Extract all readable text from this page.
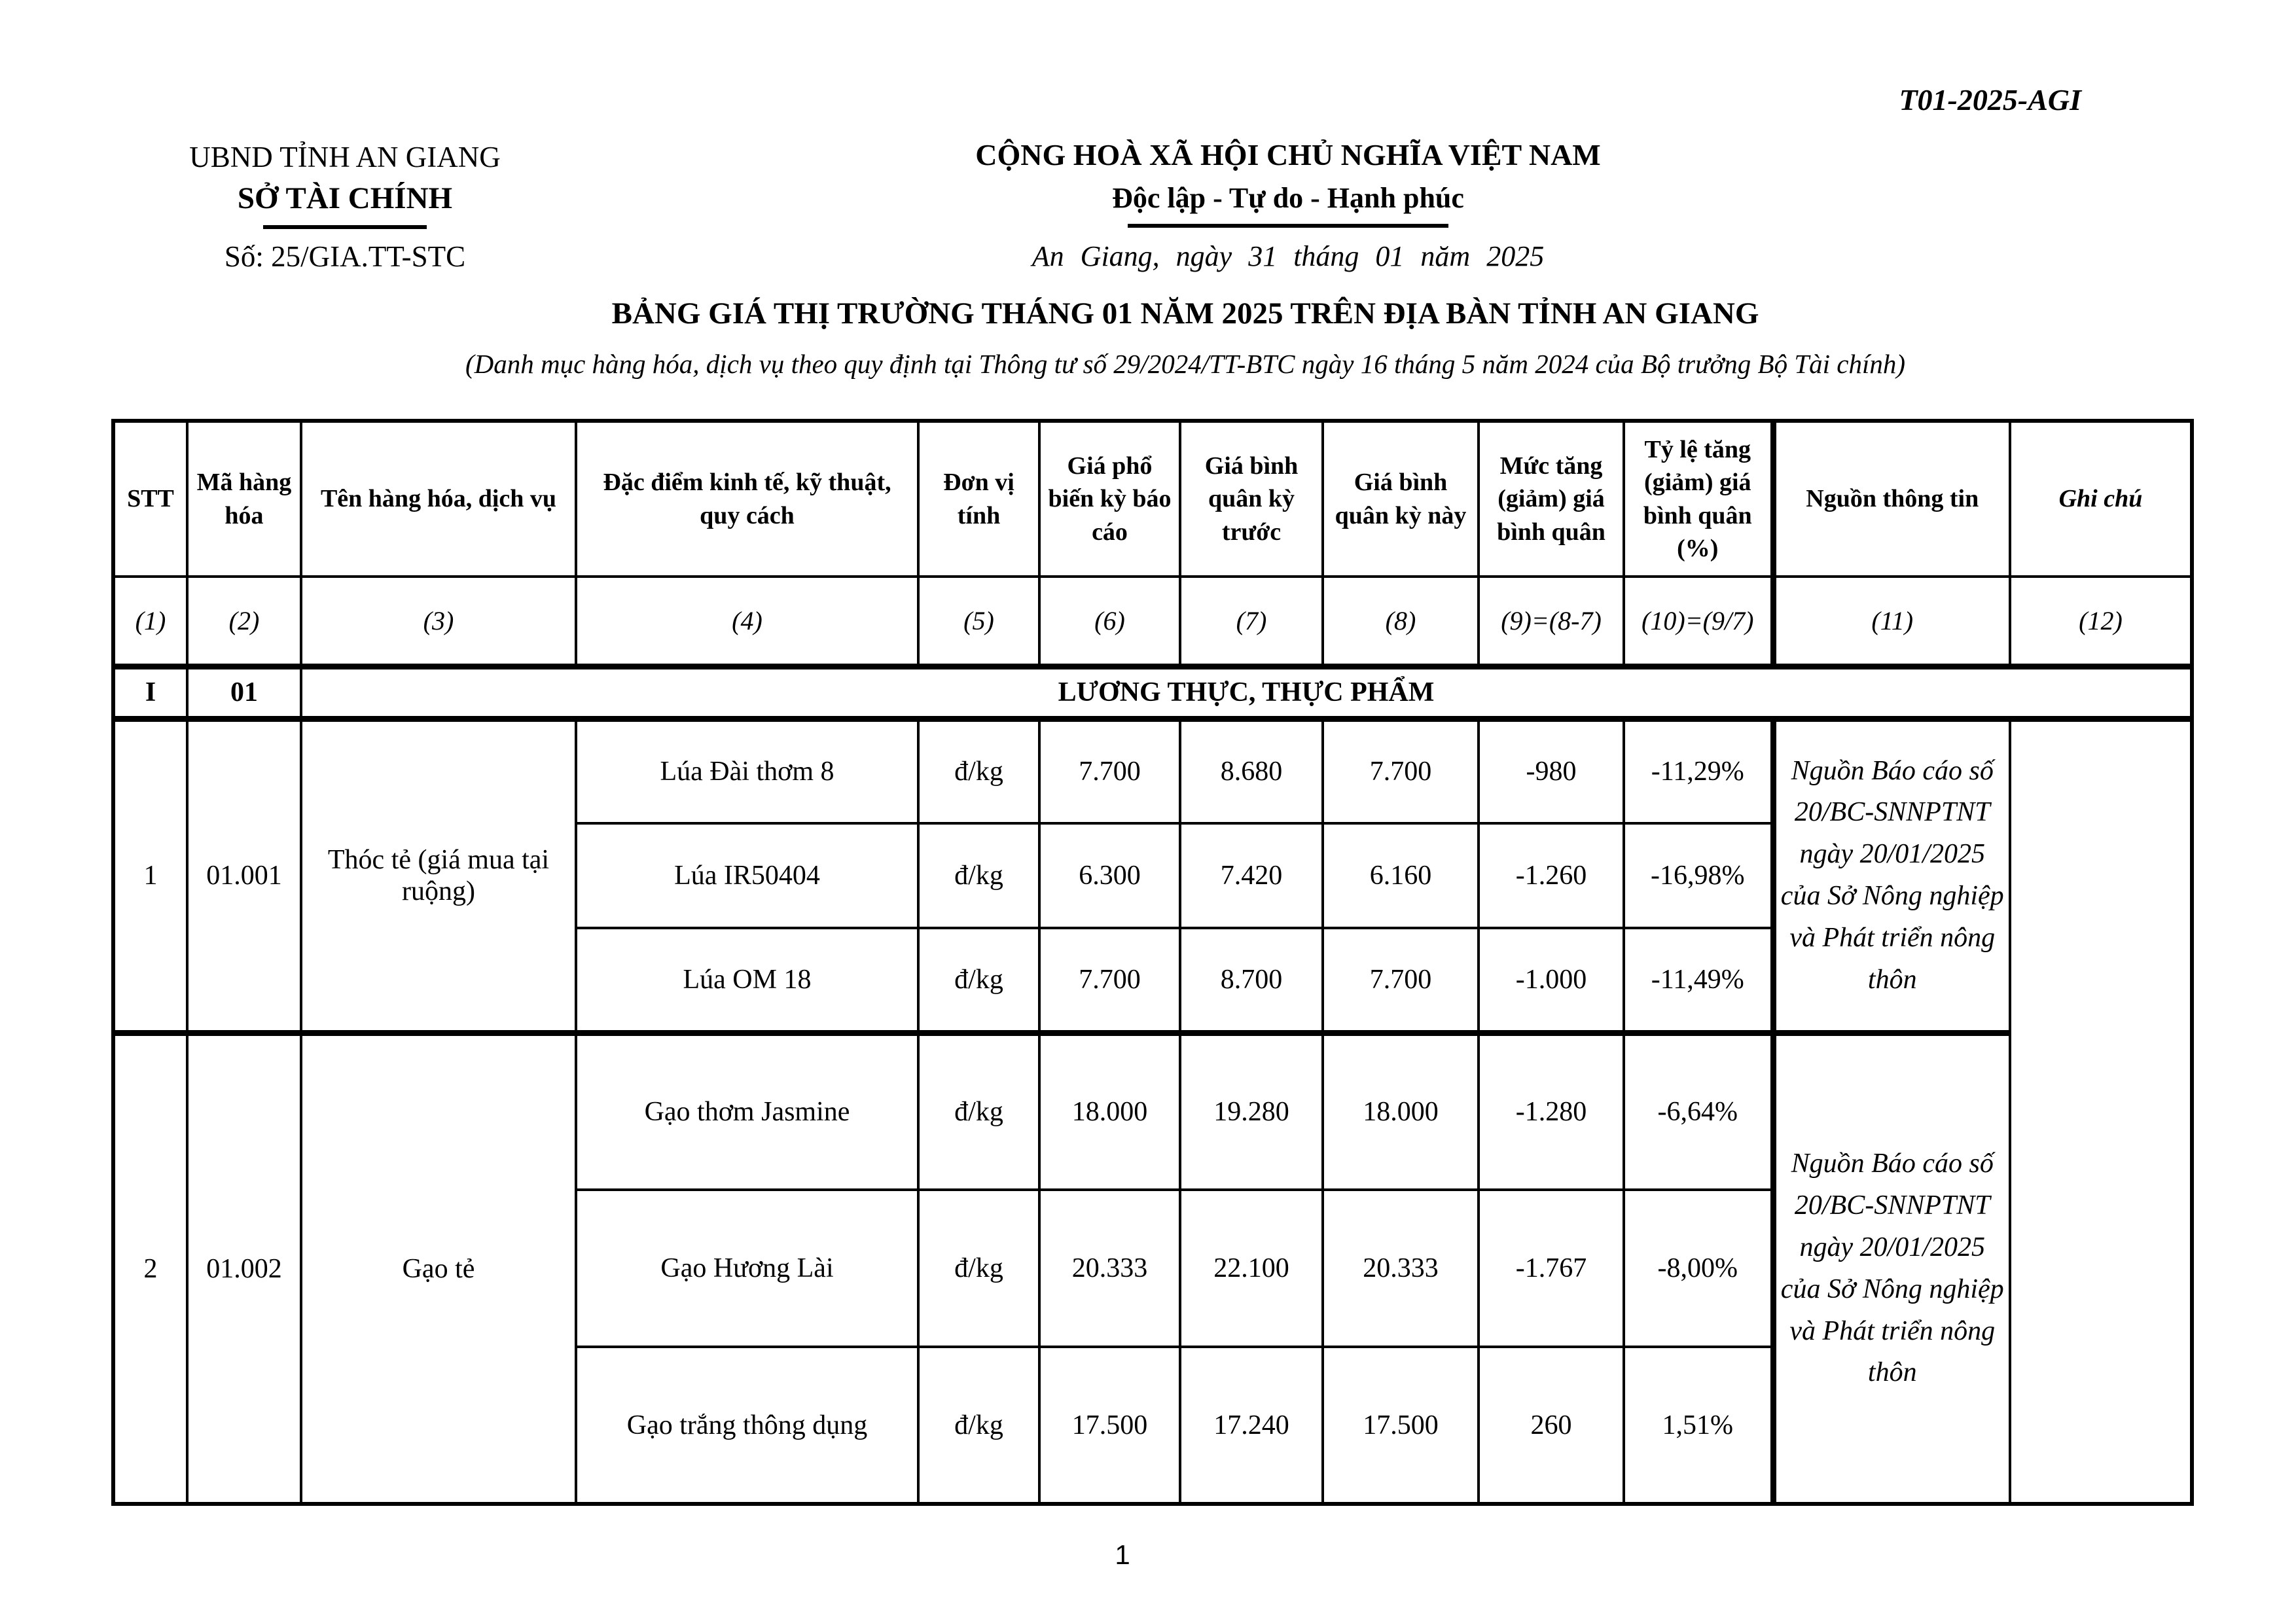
T01-2025-AGI
UBND TỈNH AN GIANG
SỞ TÀI CHÍNH
Số: 25/GIA.TT-STC
CỘNG HOÀ XÃ HỘI CHỦ NGHĨA VIỆT NAM
Độc lập - Tự do - Hạnh phúc
An Giang, ngày 31 tháng 01 năm 2025
BẢNG GIÁ THỊ TRƯỜNG THÁNG 01 NĂM 2025 TRÊN ĐỊA BÀN TỈNH AN GIANG
(Danh mục hàng hóa, dịch vụ theo quy định tại Thông tư số 29/2024/TT-BTC ngày 16 tháng 5 năm 2024 của Bộ trưởng Bộ Tài chính)
STT	Mã hàng hóa	Tên hàng hóa, dịch vụ	Đặc điểm kinh tế, kỹ thuật, quy cách	Đơn vị tính	Giá phổ biến kỳ báo cáo	Giá bình quân kỳ trước	Giá bình quân kỳ này	Mức tăng (giảm) giá bình quân	Tỷ lệ tăng (giảm) giá bình quân (%)	Nguồn thông tin	Ghi chú
(1)	(2)	(3)	(4)	(5)	(6)	(7)	(8)	(9)=(8-7)	(10)=(9/7)	(11)	(12)
I	01	LƯƠNG THỰC, THỰC PHẨM									
1	01.001	Thóc tẻ (giá mua tại ruộng)	Lúa Đài thơm 8	đ/kg	7.700	8.680	7.700	-980	-11,29%	Nguồn Báo cáo số 20/BC-SNNPTNT ngày 20/01/2025 của Sở Nông nghiệp và Phát triển nông thôn	
			Lúa IR50404	đ/kg	6.300	7.420	6.160	-1.260	-16,98%		
			Lúa OM 18	đ/kg	7.700	8.700	7.700	-1.000	-11,49%		
2	01.002	Gạo tẻ	Gạo thơm Jasmine	đ/kg	18.000	19.280	18.000	-1.280	-6,64%	Nguồn Báo cáo số 20/BC-SNNPTNT ngày 20/01/2025 của Sở Nông nghiệp và Phát triển nông thôn	
			Gạo Hương Lài	đ/kg	20.333	22.100	20.333	-1.767	-8,00%		
			Gạo trắng thông dụng	đ/kg	17.500	17.240	17.500	260	1,51%		
1
